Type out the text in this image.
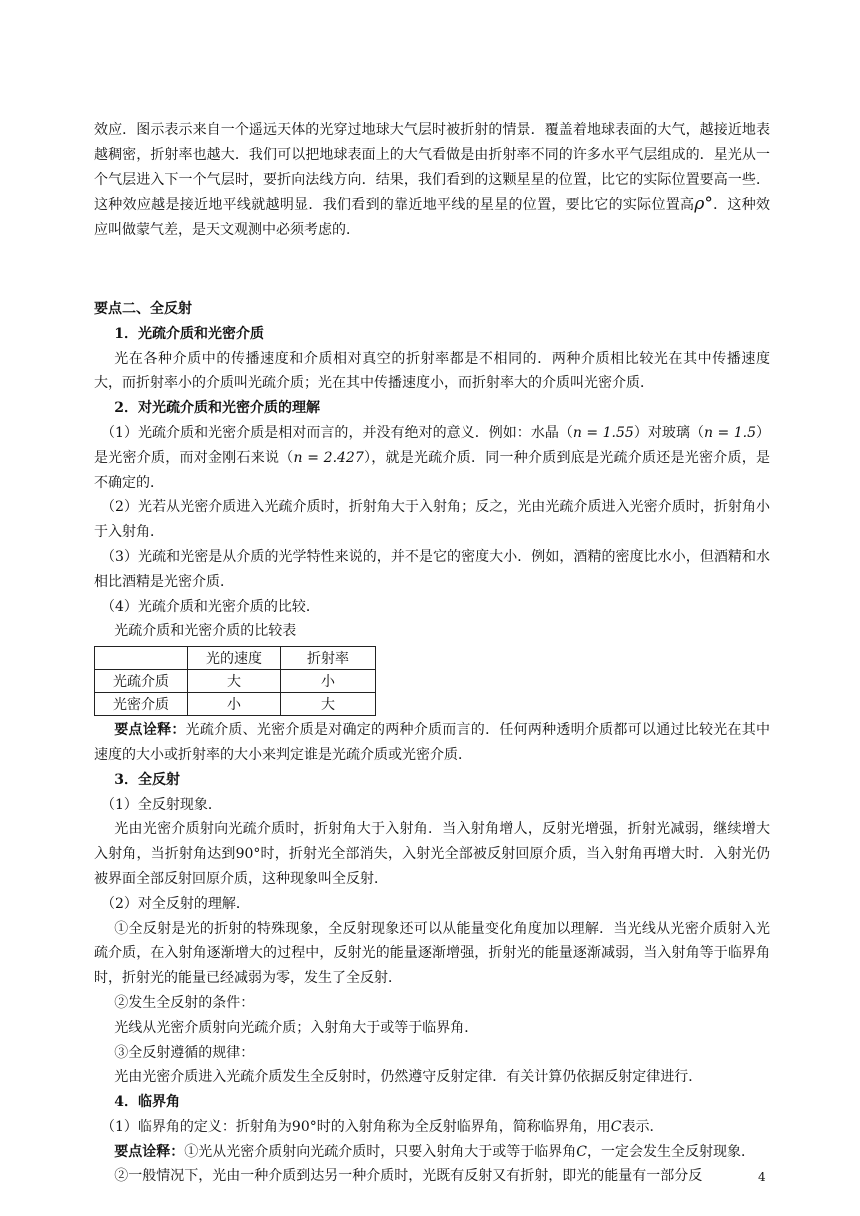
效应．图示表示来自一个遥远天体的光穿过地球大气层时被折射的情景．覆盖着地球表面的大气，越接近地表越稠密，折射率也越大．我们可以把地球表面上的大气看做是由折射率不同的许多水平气层组成的．星光从一个气层进入下一个气层时，要折向法线方向．结果，我们看到的这颗星星的位置，比它的实际位置要高一些．这种效应越是接近地平线就越明显．我们看到的靠近地平线的星星的位置，要比它的实际位置高ρ°．这种效应叫做蒙气差，是天文观测中必须考虑的．

要点二、全反射

1．光疏介质和光密介质

光在各种介质中的传播速度和介质相对真空的折射率都是不相同的．两种介质相比较光在其中传播速度大，而折射率小的介质叫光疏介质；光在其中传播速度小，而折射率大的介质叫光密介质．

2．对光疏介质和光密介质的理解

（1）光疏介质和光密介质是相对而言的，并没有绝对的意义．例如：水晶（n = 1.55）对玻璃（n = 1.5）是光密介质，而对金刚石来说（n = 2.427），就是光疏介质．同一种介质到底是光疏介质还是光密介质，是不确定的．

（2）光若从光密介质进入光疏介质时，折射角大于入射角；反之，光由光疏介质进入光密介质时，折射角小于入射角．

（3）光疏和光密是从介质的光学特性来说的，并不是它的密度大小．例如，酒精的密度比水小，但酒精和水相比酒精是光密介质．

（4）光疏介质和光密介质的比较．

光疏介质和光密介质的比较表

	光的速度	折射率
光疏介质	大	小
光密介质	小	大

要点诠释：光疏介质、光密介质是对确定的两种介质而言的．任何两种透明介质都可以通过比较光在其中速度的大小或折射率的大小来判定谁是光疏介质或光密介质．

3．全反射

（1）全反射现象．

光由光密介质射向光疏介质时，折射角大于入射角．当入射角增人，反射光增强，折射光减弱，继续增大入射角，当折射角达到90°时，折射光全部消失，入射光全部被反射回原介质，当入射角再增大时．入射光仍被界面全部反射回原介质，这种现象叫全反射．

（2）对全反射的理解．

①全反射是光的折射的特殊现象，全反射现象还可以从能量变化角度加以理解．当光线从光密介质射入光疏介质，在入射角逐渐增大的过程中，反射光的能量逐渐增强，折射光的能量逐渐减弱，当入射角等于临界角时，折射光的能量已经减弱为零，发生了全反射．

②发生全反射的条件：

光线从光密介质射向光疏介质；入射角大于或等于临界角．

③全反射遵循的规律：

光由光密介质进入光疏介质发生全反射时，仍然遵守反射定律．有关计算仍依据反射定律进行．

4．临界角

（1）临界角的定义：折射角为90°时的入射角称为全反射临界角，简称临界角，用C表示．

要点诠释：①光从光密介质射向光疏介质时，只要入射角大于或等于临界角C，一定会发生全反射现象．

②一般情况下，光由一种介质到达另一种介质时，光既有反射又有折射，即光的能量有一部分反	4
